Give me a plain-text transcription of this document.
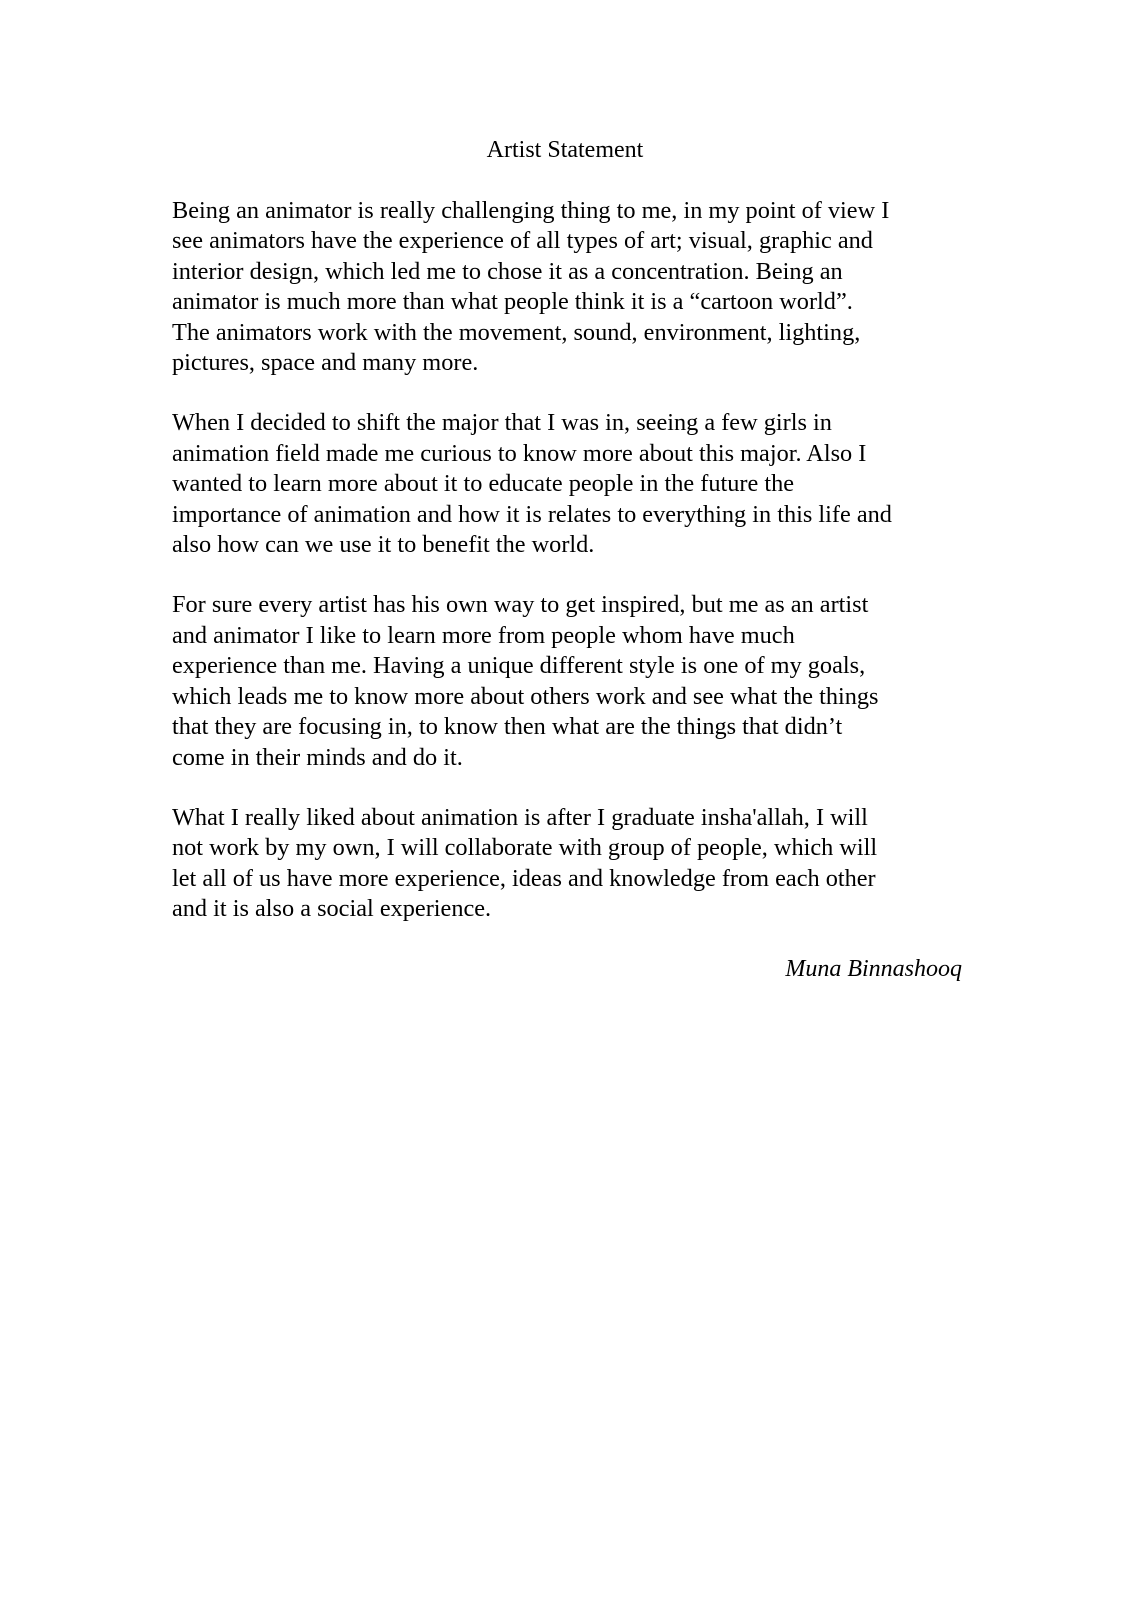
Artist Statement

Being an animator is really challenging thing to me, in my point of view I
see animators have the experience of all types of art; visual, graphic and
interior design, which led me to chose it as a concentration. Being an
animator is much more than what people think it is a “cartoon world”.
The animators work with the movement, sound, environment, lighting,
pictures, space and many more.

When I decided to shift the major that I was in, seeing a few girls in
animation field made me curious to know more about this major. Also I
wanted to learn more about it to educate people in the future the
importance of animation and how it is relates to everything in this life and
also how can we use it to benefit the world.

For sure every artist has his own way to get inspired, but me as an artist
and animator I like to learn more from people whom have much
experience than me. Having a unique different style is one of my goals,
which leads me to know more about others work and see what the things
that they are focusing in, to know then what are the things that didn’t
come in their minds and do it.

What I really liked about animation is after I graduate insha'allah, I will
not work by my own, I will collaborate with group of people, which will
let all of us have more experience, ideas and knowledge from each other
and it is also a social experience.

Muna Binnashooq
